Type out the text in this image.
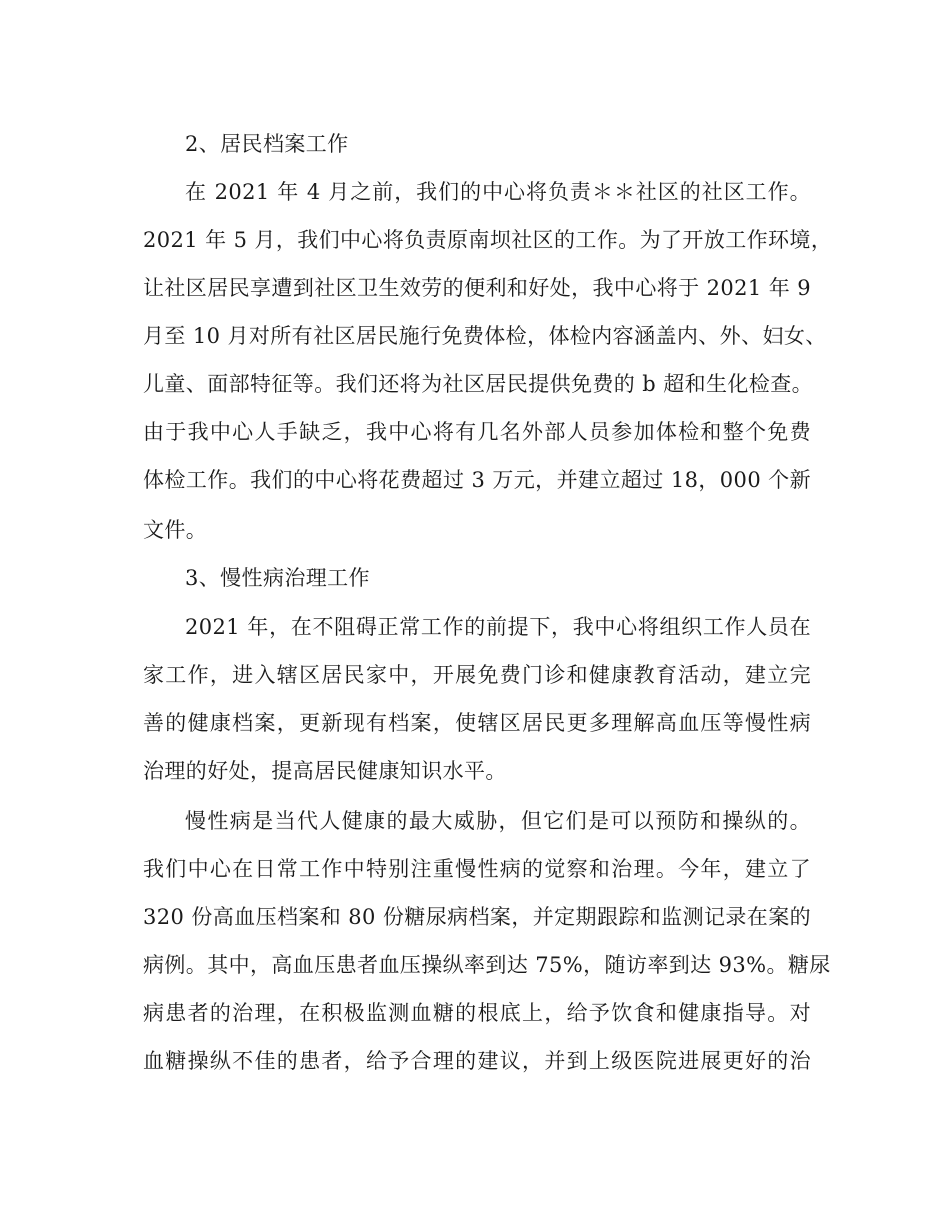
2、居民档案工作
在 2021 年 4 月之前，我们的中心将负责＊＊社区的社区工作。
2021 年 5 月，我们中心将负责原南坝社区的工作。为了开放工作环境，
让社区居民享遭到社区卫生效劳的便利和好处，我中心将于 2021 年 9
月至 10 月对所有社区居民施行免费体检，体检内容涵盖内、外、妇女、
儿童、面部特征等。我们还将为社区居民提供免费的 b 超和生化检查。
由于我中心人手缺乏，我中心将有几名外部人员参加体检和整个免费
体检工作。我们的中心将花费超过 3 万元，并建立超过 18，000 个新
文件。
3、慢性病治理工作
2021 年，在不阻碍正常工作的前提下，我中心将组织工作人员在
家工作，进入辖区居民家中，开展免费门诊和健康教育活动，建立完
善的健康档案，更新现有档案，使辖区居民更多理解高血压等慢性病
治理的好处，提高居民健康知识水平。
慢性病是当代人健康的最大威胁，但它们是可以预防和操纵的。
我们中心在日常工作中特别注重慢性病的觉察和治理。今年，建立了
320 份高血压档案和 80 份糖尿病档案，并定期跟踪和监测记录在案的
病例。其中，高血压患者血压操纵率到达 75%，随访率到达 93%。糖尿
病患者的治理，在积极监测血糖的根底上，给予饮食和健康指导。对
血糖操纵不佳的患者，给予合理的建议，并到上级医院进展更好的治
